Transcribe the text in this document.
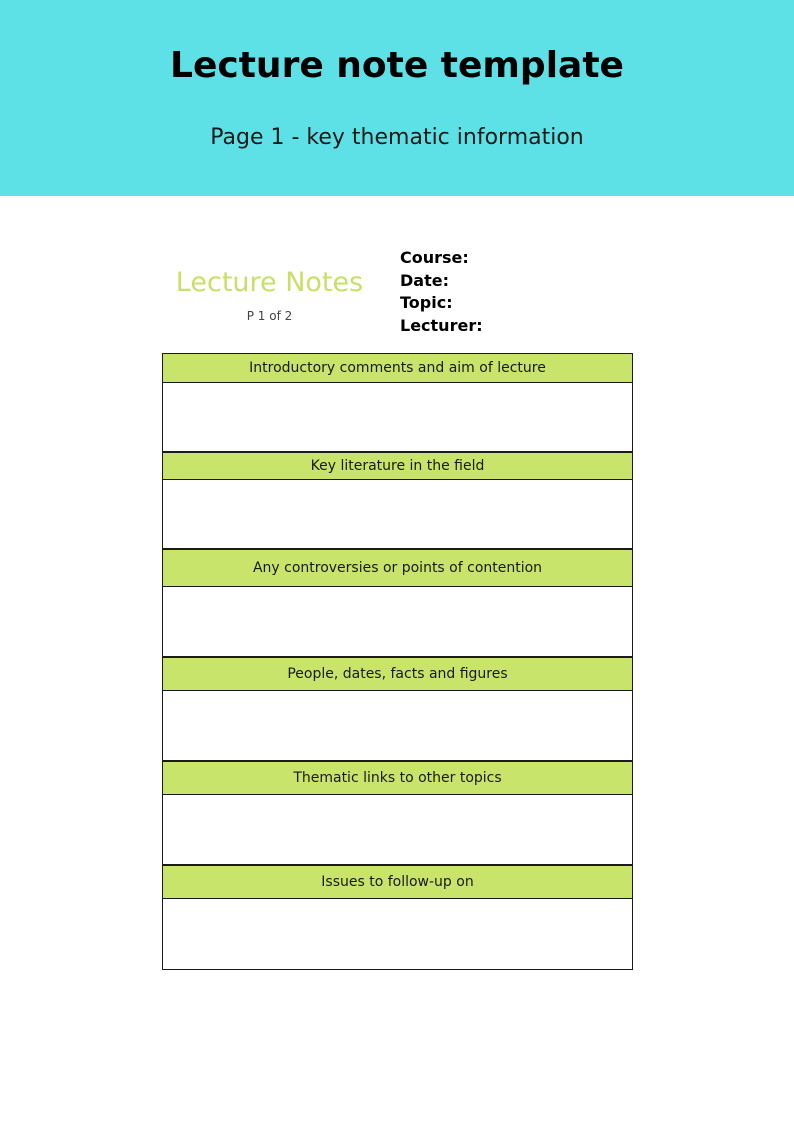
Lecture note template
Page 1 - key thematic information
Lecture Notes
P 1 of 2
Course:
Date:
Topic:
Lecturer:
Introductory comments and aim of lecture
Key literature in the field
Any controversies or points of contention
People, dates, facts and figures
Thematic links to other topics
Issues to follow-up on
